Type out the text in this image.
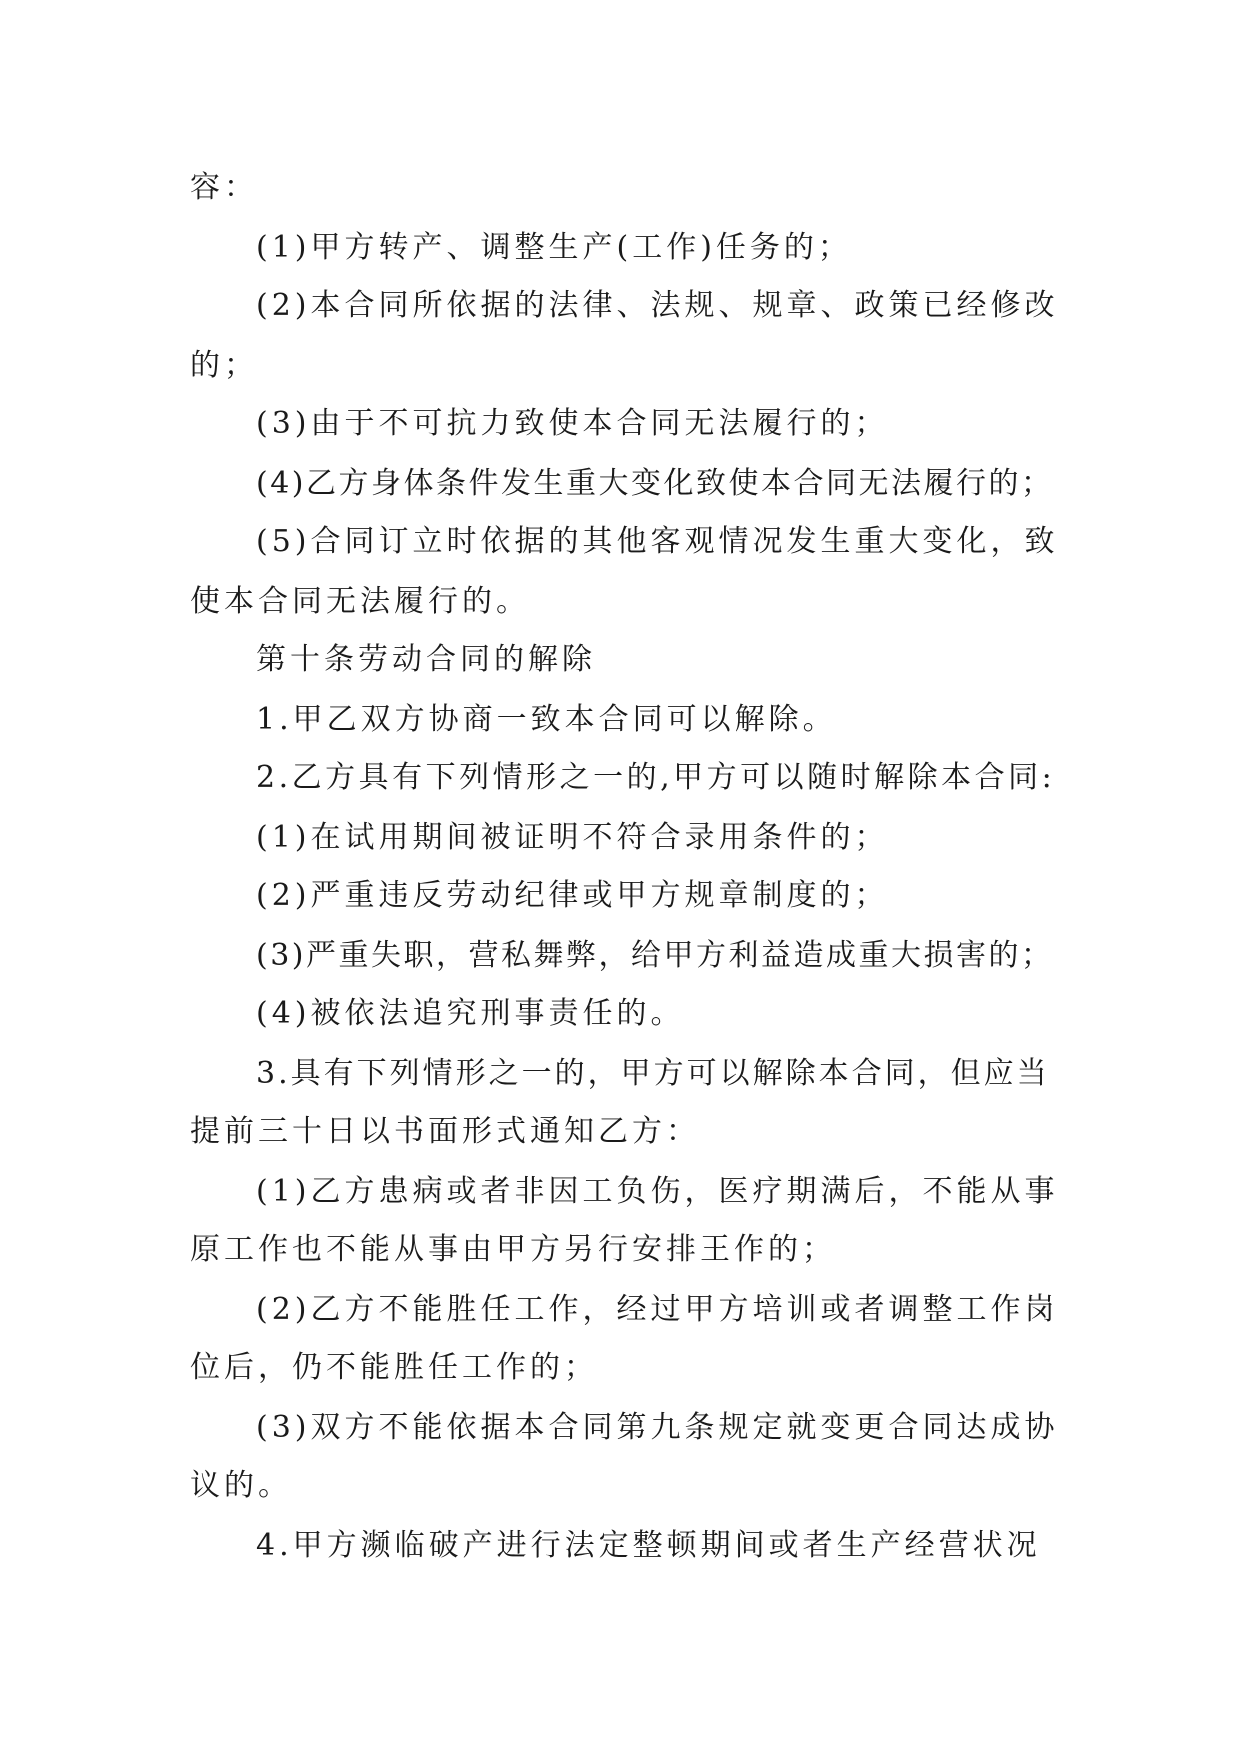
容：
(1)甲方转产、调整生产(工作)任务的；
(2)本合同所依据的法律、法规、规章、政策已经修改
的；
(3)由于不可抗力致使本合同无法履行的；
(4)乙方身体条件发生重大变化致使本合同无法履行的；
(5)合同订立时依据的其他客观情况发生重大变化，致
使本合同无法履行的。
第十条劳动合同的解除
1.甲乙双方协商一致本合同可以解除。
2.乙方具有下列情形之一的,甲方可以随时解除本合同:
(1)在试用期间被证明不符合录用条件的；
(2)严重违反劳动纪律或甲方规章制度的；
(3)严重失职，营私舞弊，给甲方利益造成重大损害的；
(4)被依法追究刑事责任的。
3.具有下列情形之一的，甲方可以解除本合同，但应当
提前三十日以书面形式通知乙方：
(1)乙方患病或者非因工负伤，医疗期满后，不能从事
原工作也不能从事由甲方另行安排王作的；
(2)乙方不能胜任工作，经过甲方培训或者调整工作岗
位后，仍不能胜任工作的；
(3)双方不能依据本合同第九条规定就变更合同达成协
议的。
4.甲方濒临破产进行法定整顿期间或者生产经营状况
